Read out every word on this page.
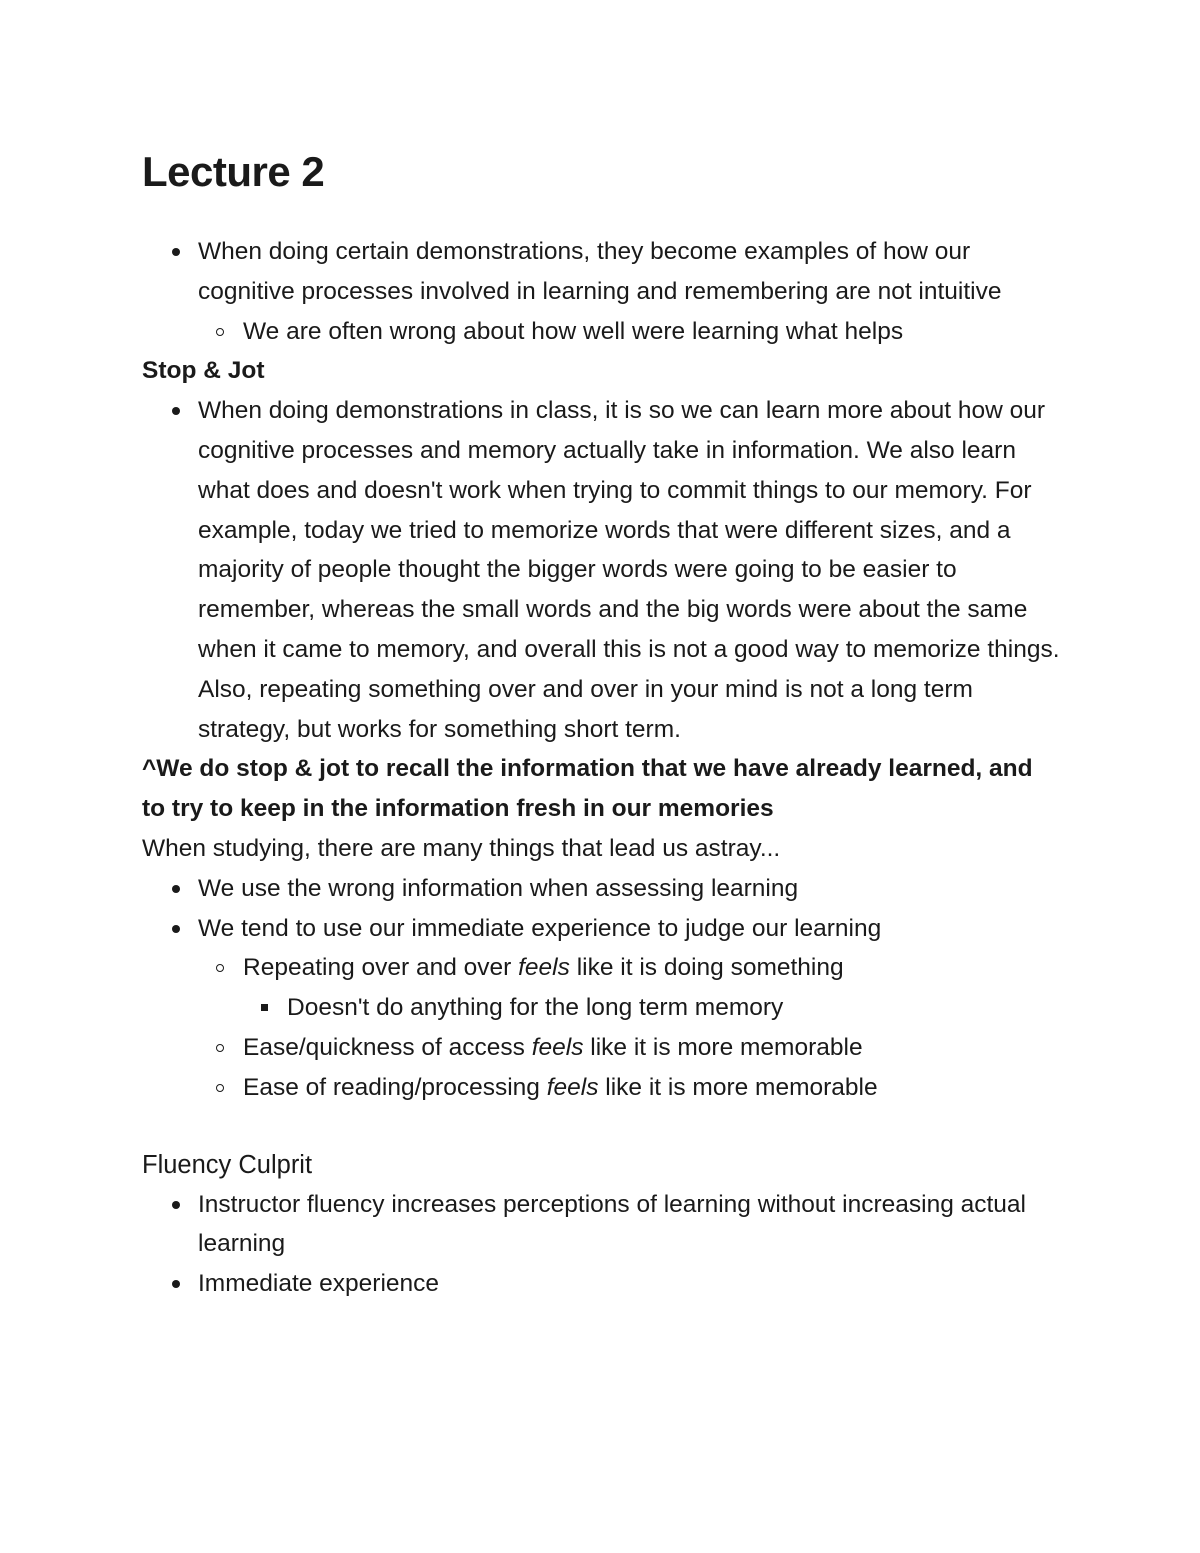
Lecture 2
When doing certain demonstrations, they become examples of how our cognitive processes involved in learning and remembering are not intuitive
We are often wrong about how well were learning what helps

Stop & Jot

When doing demonstrations in class, it is so we can learn more about how our cognitive processes and memory actually take in information. We also learn what does and doesn't work when trying to commit things to our memory. For example, today we tried to memorize words that were different sizes, and a majority of people thought the bigger words were going to be easier to remember, whereas the small words and the big words were about the same when it came to memory, and overall this is not a good way to memorize things. Also, repeating something over and over in your mind is not a long term strategy, but works for something short term.

^We do stop & jot to recall the information that we have already learned, and to try to keep in the information fresh in our memories

When studying, there are many things that lead us astray...

We use the wrong information when assessing learning
We tend to use our immediate experience to judge our learning
Repeating over and over feels like it is doing something
Doesn't do anything for the long term memory
Ease/quickness of access feels like it is more memorable
Ease of reading/processing feels like it is more memorable

Fluency Culprit

Instructor fluency increases perceptions of learning without increasing actual learning
Immediate experience
